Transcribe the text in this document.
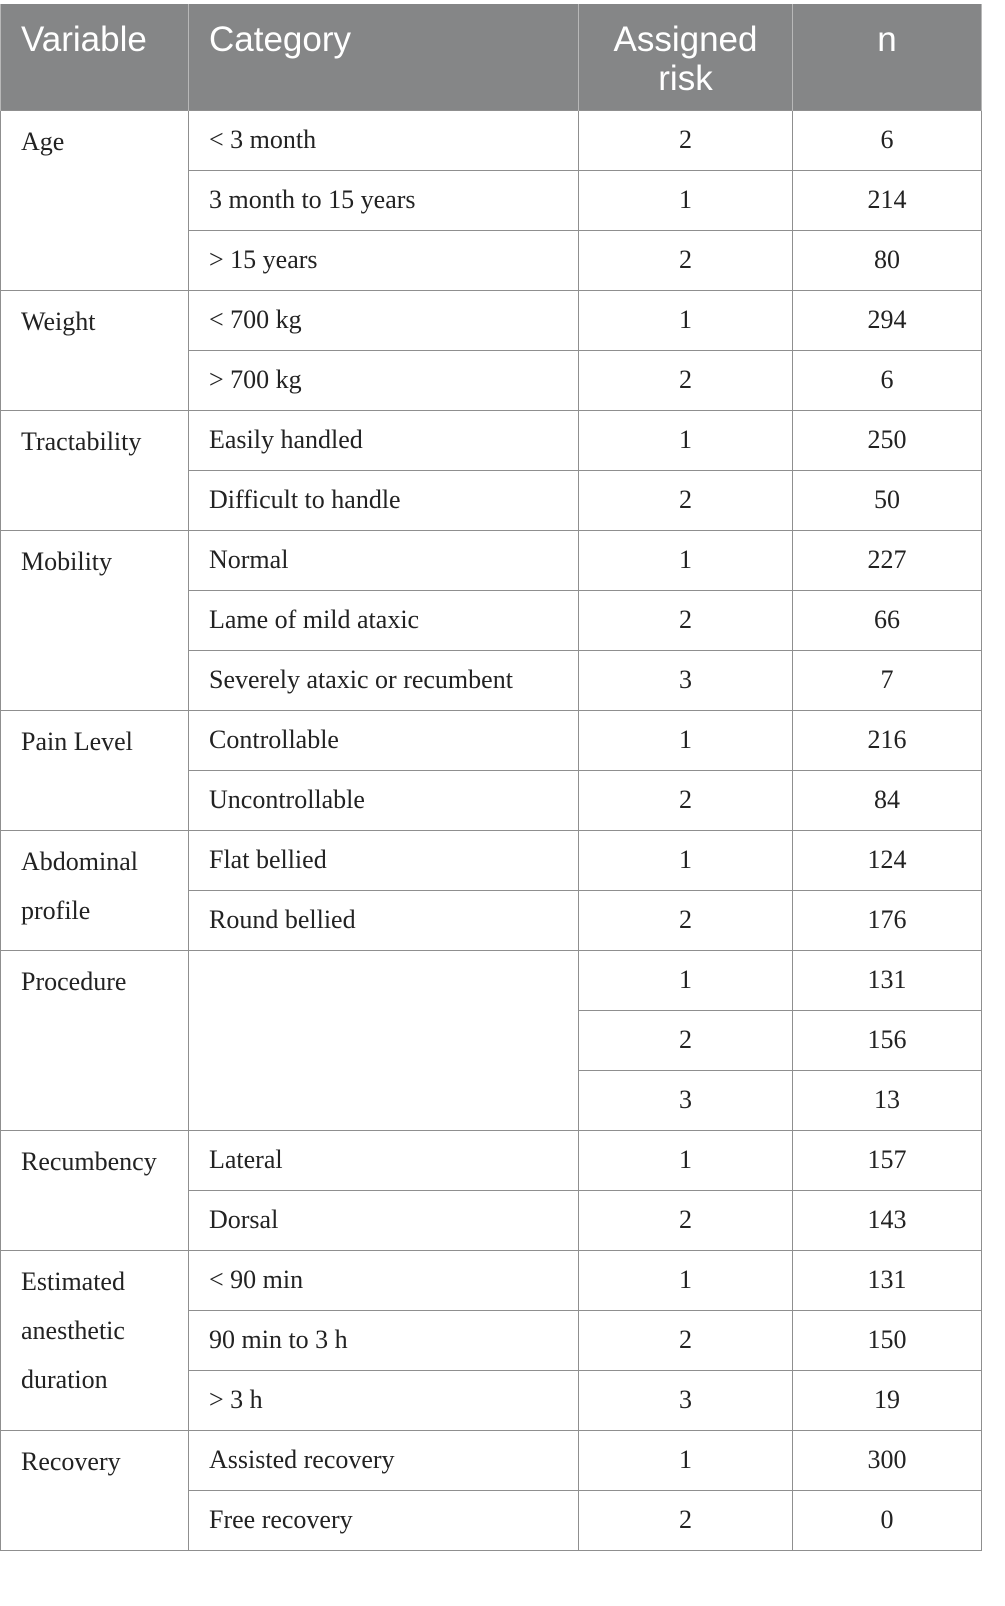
Variable	Category	Assigned risk	n

Age	< 3 month	2	6
	3 month to 15 years	1	214
	> 15 years	2	80

Weight	< 700 kg	1	294
	> 700 kg	2	6

Tractability	Easily handled	1	250
	Difficult to handle	2	50

Mobility	Normal	1	227
	Lame of mild ataxic	2	66
	Severely ataxic or recumbent	3	7

Pain Level	Controllable	1	216
	Uncontrollable	2	84

Abdominal profile	Flat bellied	1	124
	Round bellied	2	176

Procedure		1	131
		2	156
		3	13

Recumbency	Lateral	1	157
	Dorsal	2	143

Estimated anesthetic duration	< 90 min	1	131
	90 min to 3 h	2	150
	> 3 h	3	19

Recovery	Assisted recovery	1	300
	Free recovery	2	0
